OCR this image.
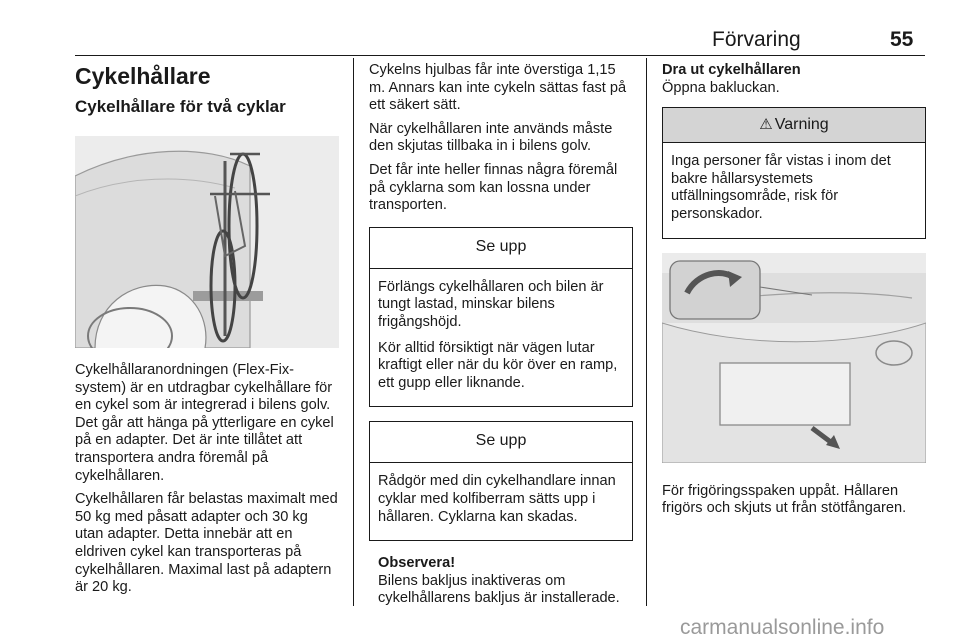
Förvaring	55
Cykelhållare
Cykelhållare för två cyklar

Cykelhållaranordningen (Flex-Fix-system) är en utdragbar cykelhållare för en cykel som är integrerad i bilens golv. Det går att hänga på ytterligare en cykel på en adapter. Det är inte tillåtet att transportera andra föremål på cykelhållaren.

Cykelhållaren får belastas maximalt med 50 kg med påsatt adapter och 30 kg utan adapter. Detta innebär att en eldriven cykel kan transporteras på cykelhållaren. Maximal last på adaptern är 20 kg.

Cykelns hjulbas får inte överstiga 1,15 m. Annars kan inte cykeln sättas fast på ett säkert sätt.

När cykelhållaren inte används måste den skjutas tillbaka in i bilens golv.

Det får inte heller finnas några föremål på cyklarna som kan lossna under transporten.

Se upp

Förlängs cykelhållaren och bilen är tungt lastad, minskar bilens frigångshöjd.

Kör alltid försiktigt när vägen lutar kraftigt eller när du kör över en ramp, ett gupp eller liknande.

Se upp

Rådgör med din cykelhandlare innan cyklar med kolfiberram sätts upp i hållaren. Cyklarna kan skadas.

Observera!

Bilens bakljus inaktiveras om cykelhållarens bakljus är installerade.

Dra ut cykelhållaren

Öppna bakluckan.

⚠ Varning

Inga personer får vistas i inom det bakre hållarsystemets utfällningsområde, risk för personskador.

För frigöringsspaken uppåt. Hållaren frigörs och skjuts ut från stötfångaren.

carmanualsonline.info
